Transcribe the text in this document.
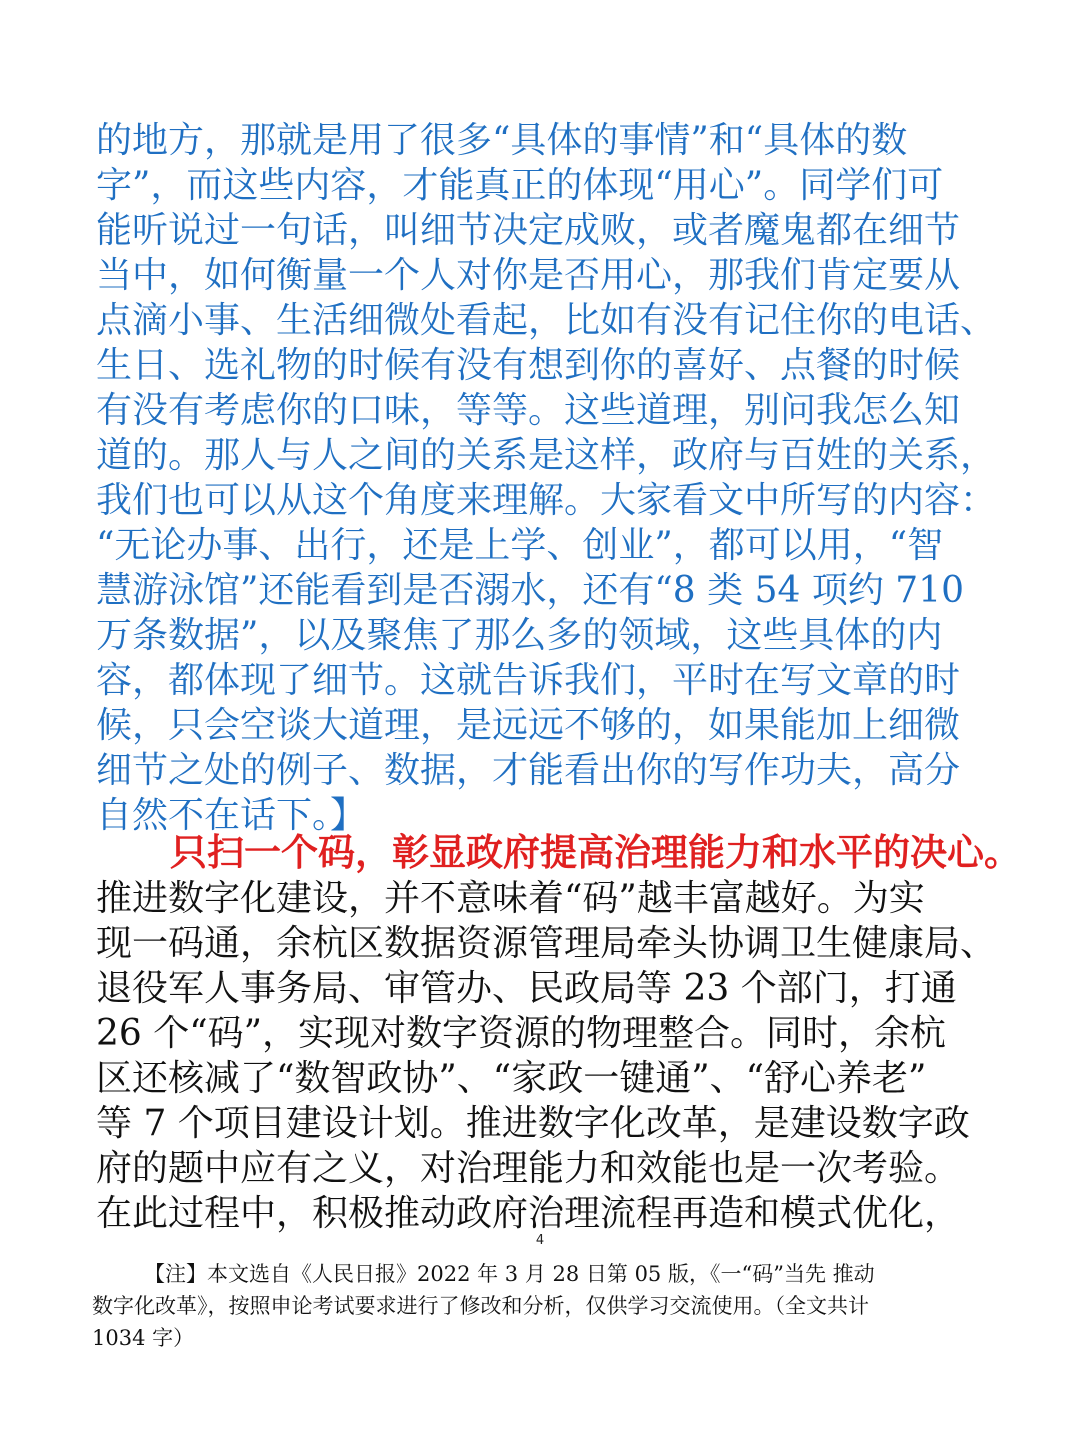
的地方，那就是用了很多“具体的事情”和“具体的数
字”，而这些内容，才能真正的体现“用心”。同学们可
能听说过一句话，叫细节决定成败，或者魔鬼都在细节
当中，如何衡量一个人对你是否用心，那我们肯定要从
点滴小事、生活细微处看起，比如有没有记住你的电话、
生日、选礼物的时候有没有想到你的喜好、点餐的时候
有没有考虑你的口味，等等。这些道理，别问我怎么知
道的。那人与人之间的关系是这样，政府与百姓的关系，
我们也可以从这个角度来理解。大家看文中所写的内容：
“无论办事、出行，还是上学、创业”，都可以用，“智
慧游泳馆”还能看到是否溺水，还有“8 类 54 项约 710
万条数据”，以及聚焦了那么多的领域，这些具体的内
容，都体现了细节。这就告诉我们，平时在写文章的时
候，只会空谈大道理，是远远不够的，如果能加上细微
细节之处的例子、数据，才能看出你的写作功夫，高分
自然不在话下。】
只扫一个码，彰显政府提高治理能力和水平的决心。
推进数字化建设，并不意味着“码”越丰富越好。为实
现一码通，余杭区数据资源管理局牵头协调卫生健康局、
退役军人事务局、审管办、民政局等 23 个部门，打通
26 个“码”，实现对数字资源的物理整合。同时，余杭
区还核减了“数智政协”、“家政一键通”、“舒心养老”
等 7 个项目建设计划。推进数字化改革，是建设数字政
府的题中应有之义，对治理能力和效能也是一次考验。
在此过程中，积极推动政府治理流程再造和模式优化，
4
【注】本文选自《人民日报》2022 年 3 月 28 日第 05 版，《一“码”当先 推动
数字化改革》，按照申论考试要求进行了修改和分析，仅供学习交流使用。（全文共计
1034 字）
